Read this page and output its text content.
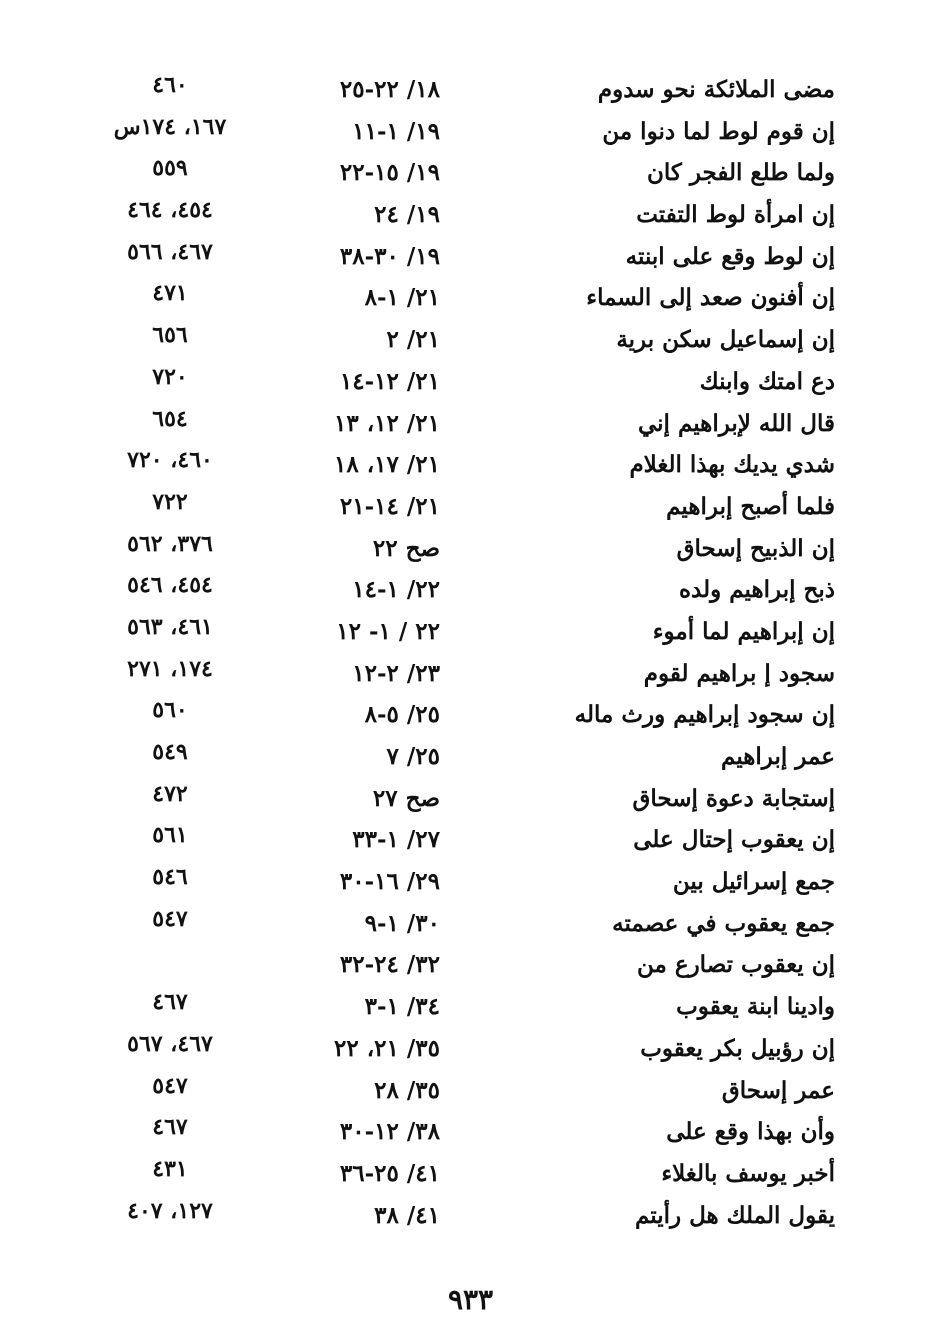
مضى الملائكة نحو سدوم
١٨/ ٢٢-٢٥
٤٦٠
إن قوم لوط لما دنوا من
١٩/ ١-١١
١٦٧، ١٧٤س
ولما طلع الفجر كان
١٩/ ١٥-٢٢
٥٥٩
إن امرأة لوط التفتت
١٩/ ٢٤
٤٥٤، ٤٦٤
إن لوط وقع على ابنته
١٩/ ٣٠-٣٨
٤٦٧، ٥٦٦
إن أفنون صعد إلى السماء
٢١/ ١-٨
٤٧١
إن إسماعيل سكن برية
٢١/ ٢
٦٥٦
دع امتك وابنك
٢١/ ١٢-١٤
٧٢٠
قال الله لإبراهيم إني
٢١/ ١٢، ١٣
٦٥٤
شدي يديك بهذا الغلام
٢١/ ١٧، ١٨
٤٦٠، ٧٢٠
فلما أصبح إبراهيم
٢١/ ١٤-٢١
٧٢٢
إن الذبيح إسحاق
صح ٢٢
٣٧٦، ٥٦٢
ذبح إبراهيم ولده
٢٢/ ١-١٤
٤٥٤، ٥٤٦
إن إبراهيم لما أموء
٢٢ / ١- ١٢
٤٦١، ٥٦٣
سجود إ براهيم لقوم
٢٣/ ٢-١٢
١٧٤، ٢٧١
إن سجود إبراهيم ورث ماله
٢٥/ ٥-٨
٥٦٠
عمر إبراهيم
٢٥/ ٧
٥٤٩
إستجابة دعوة إسحاق
صح ٢٧
٤٧٢
إن يعقوب إحتال على
٢٧/ ١-٣٣
٥٦١
جمع إسرائيل بين
٢٩/ ١٦-٣٠
٥٤٦
جمع يعقوب في عصمته
٣٠/ ١-٩
٥٤٧
إن يعقوب تصارع من
٣٢/ ٢٤-٣٢
وادينا ابنة يعقوب
٣٤/ ١-٣
٤٦٧
إن رؤبيل بكر يعقوب
٣٥/ ٢١، ٢٢
٤٦٧، ٥٦٧
عمر إسحاق
٣٥/ ٢٨
٥٤٧
وأن بهذا وقع على
٣٨/ ١٢-٣٠
٤٦٧
أخبر يوسف بالغلاء
٤١/ ٢٥-٣٦
٤٣١
يقول الملك هل رأيتم
٤١/ ٣٨
١٢٧، ٤٠٧
٩٣٣
